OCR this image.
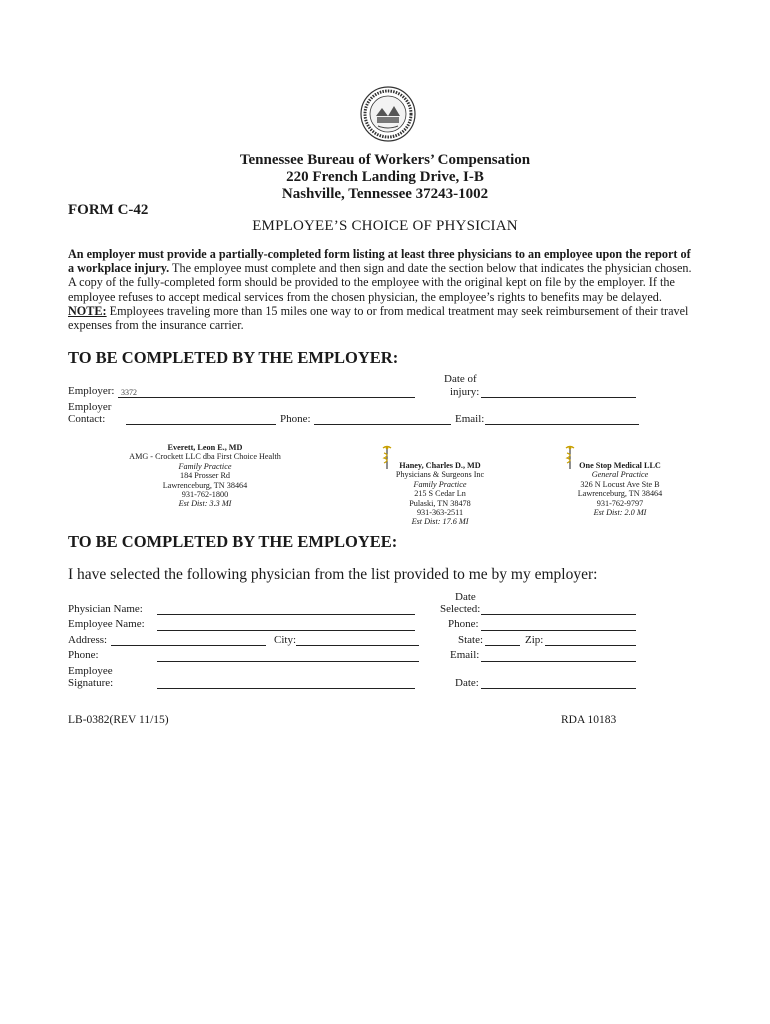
Tennessee Bureau of Workers’ Compensation
220 French Landing Drive, I-B
Nashville, Tennessee 37243-1002
FORM C-42
EMPLOYEE’S CHOICE OF PHYSICIAN
An employer must provide a partially-completed form listing at least three physicians to an employee upon the report of a workplace injury. The employee must complete and then sign and date the section below that indicates the physician chosen. A copy of the fully-completed form should be provided to the employee with the original kept on file by the employer. If the employee refuses to accept medical services from the chosen physician, the employee’s rights to benefits may be delayed. NOTE: Employees traveling more than 15 miles one way to or from medical treatment may seek reimbursement of their travel expenses from the insurance carrier.
TO BE COMPLETED BY THE EMPLOYER:
Employer: 3372
Date of
injury:
Employer
Contact:	Phone:	Email:
Everett, Leon E., MD
AMG - Crockett LLC dba First Choice Health
Family Practice
184 Prosser Rd
Lawrenceburg, TN 38464
931-762-1800
Est Dist: 3.3 MI
Haney, Charles D., MD
Physicians & Surgeons Inc
Family Practice
215 S Cedar Ln
Pulaski, TN 38478
931-363-2511
Est Dist: 17.6 MI
One Stop Medical LLC
General Practice
326 N Locust Ave Ste B
Lawrenceburg, TN 38464
931-762-9797
Est Dist: 2.0 MI
TO BE COMPLETED BY THE EMPLOYEE:
I have selected the following physician from the list provided to me by my employer:
Physician Name:
Date
Selected:
Employee Name:	Phone:
Address:	City:	State:	Zip:
Phone:	Email:
Employee
Signature:	Date:
LB-0382(REV 11/15)	RDA 10183
